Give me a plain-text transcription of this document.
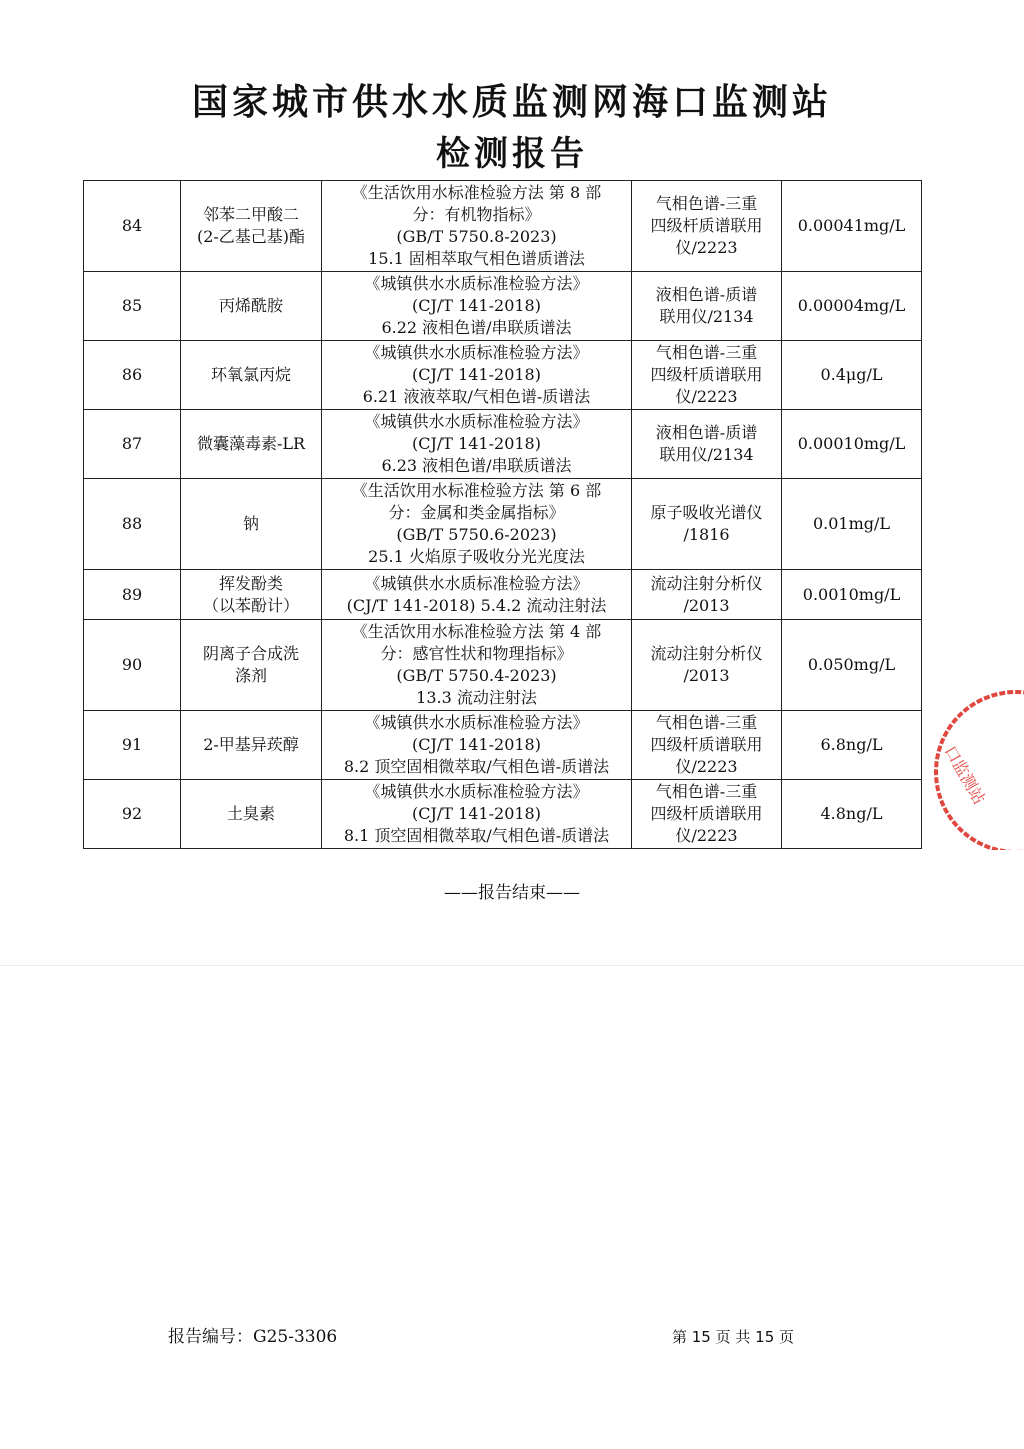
国家城市供水水质监测网海口监测站
检测报告
84	邻苯二甲酸二
(2-乙基己基)酯	《生活饮用水标准检验方法 第 8 部
分：有机物指标》
(GB/T 5750.8-2023)
15.1 固相萃取气相色谱质谱法	气相色谱-三重
四级杆质谱联用
仪/2223	0.00041mg/L
85	丙烯酰胺	《城镇供水水质标准检验方法》
(CJ/T 141-2018)
6.22 液相色谱/串联质谱法	液相色谱-质谱
联用仪/2134	0.00004mg/L
86	环氧氯丙烷	《城镇供水水质标准检验方法》
(CJ/T 141-2018)
6.21 液液萃取/气相色谱-质谱法	气相色谱-三重
四级杆质谱联用
仪/2223	0.4μg/L
87	微囊藻毒素-LR	《城镇供水水质标准检验方法》
(CJ/T 141-2018)
6.23 液相色谱/串联质谱法	液相色谱-质谱
联用仪/2134	0.00010mg/L
88	钠	《生活饮用水标准检验方法 第 6 部
分：金属和类金属指标》
(GB/T 5750.6-2023)
25.1 火焰原子吸收分光光度法	原子吸收光谱仪
/1816	0.01mg/L
89	挥发酚类
（以苯酚计）	《城镇供水水质标准检验方法》
(CJ/T 141-2018) 5.4.2 流动注射法	流动注射分析仪
/2013	0.0010mg/L
90	阴离子合成洗
涤剂	《生活饮用水标准检验方法 第 4 部
分：感官性状和物理指标》
(GB/T 5750.4-2023)
13.3 流动注射法	流动注射分析仪
/2013	0.050mg/L
91	2-甲基异莰醇	《城镇供水水质标准检验方法》
(CJ/T 141-2018)
8.2 顶空固相微萃取/气相色谱-质谱法	气相色谱-三重
四级杆质谱联用
仪/2223	6.8ng/L
92	土臭素	《城镇供水水质标准检验方法》
(CJ/T 141-2018)
8.1 顶空固相微萃取/气相色谱-质谱法	气相色谱-三重
四级杆质谱联用
仪/2223	4.8ng/L
——报告结束——
报告编号：G25-3306	第 15 页 共 15 页
口监测站
